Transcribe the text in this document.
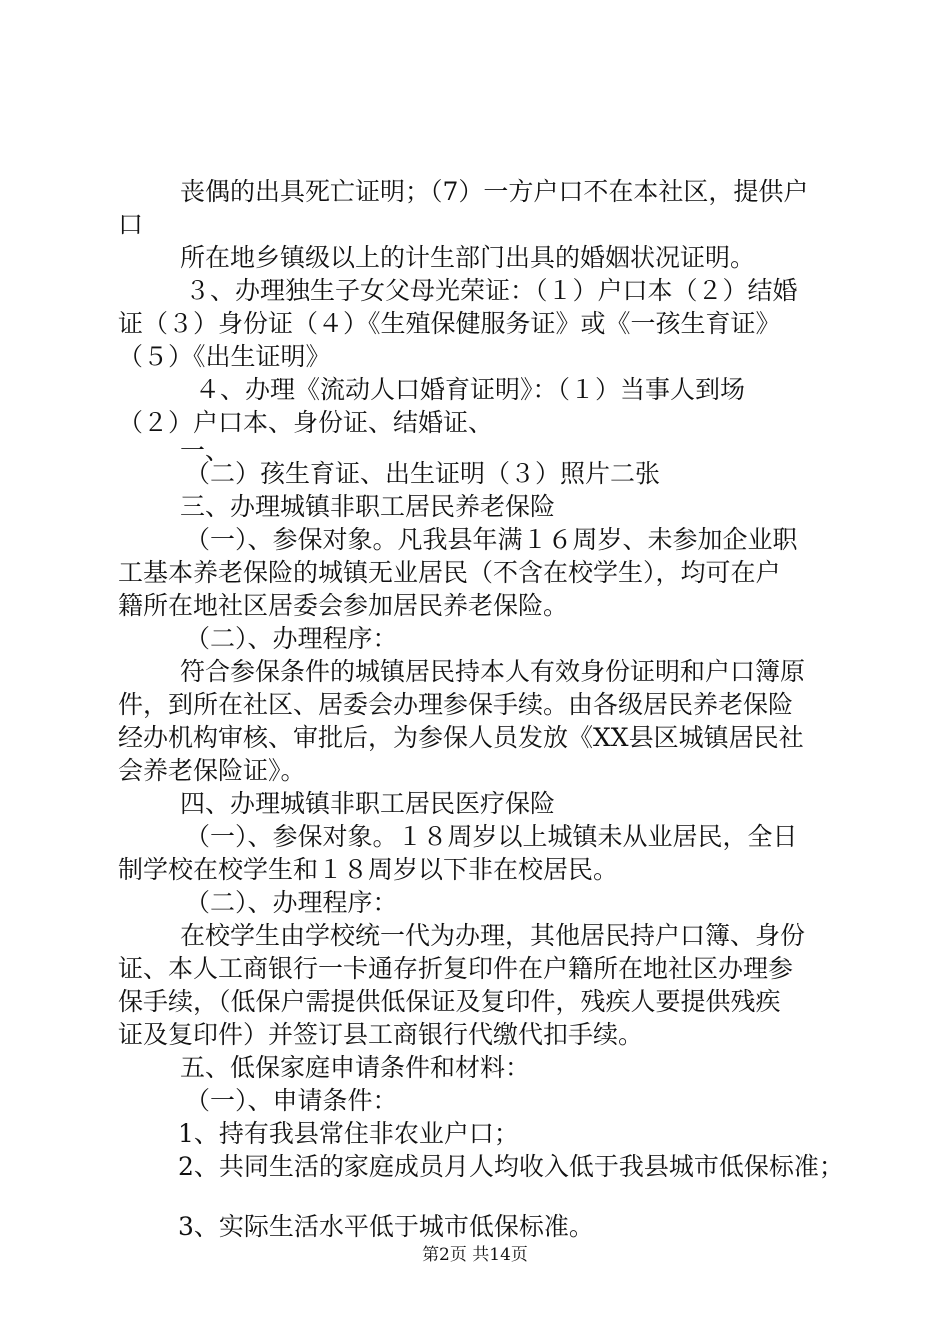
丧偶的出具死亡证明；（7）一方户口不在本社区，提供户
口
所在地乡镇级以上的计生部门出具的婚姻状况证明。
３、办理独生子女父母光荣证：（１）户口本（２）结婚
证（３）身份证（４）《生殖保健服务证》或《一孩生育证》
（５）《出生证明》
４、办理《流动人口婚育证明》：（１）当事人到场
（２）户口本、身份证、结婚证、
一、
（二）孩生育证、出生证明（３）照片二张
三、办理城镇非职工居民养老保险
（一）、参保对象。凡我县年满１６周岁、未参加企业职
工基本养老保险的城镇无业居民（不含在校学生），均可在户
籍所在地社区居委会参加居民养老保险。
（二）、办理程序：
符合参保条件的城镇居民持本人有效身份证明和户口簿原
件，到所在社区、居委会办理参保手续。由各级居民养老保险
经办机构审核、审批后，为参保人员发放《XX县区城镇居民社
会养老保险证》。
四、办理城镇非职工居民医疗保险
（一）、参保对象。１８周岁以上城镇未从业居民，全日
制学校在校学生和１８周岁以下非在校居民。
（二）、办理程序：
在校学生由学校统一代为办理，其他居民持户口簿、身份
证、本人工商银行一卡通存折复印件在户籍所在地社区办理参
保手续，（低保户需提供低保证及复印件，残疾人要提供残疾
证及复印件）并签订县工商银行代缴代扣手续。
五、低保家庭申请条件和材料：
（一）、申请条件：
1、持有我县常住非农业户口；
2、共同生活的家庭成员月人均收入低于我县城市低保标准；
3、实际生活水平低于城市低保标准。
第2页 共14页
